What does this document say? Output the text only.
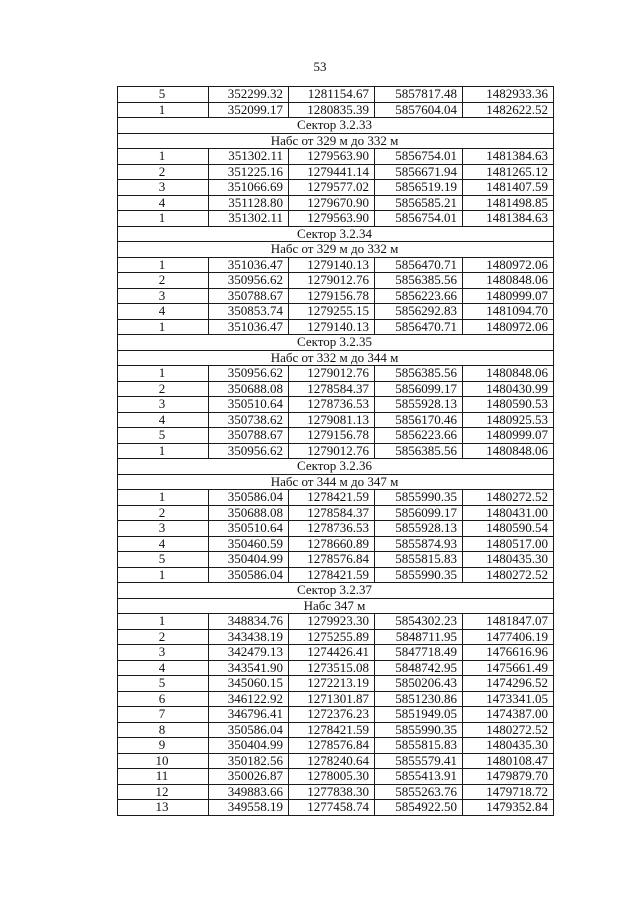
53
5	352299.32	1281154.67	5857817.48	1482933.36
1	352099.17	1280835.39	5857604.04	1482622.52
Сектор 3.2.33				
Набс от 329 м до 332 м				
1	351302.11	1279563.90	5856754.01	1481384.63
2	351225.16	1279441.14	5856671.94	1481265.12
3	351066.69	1279577.02	5856519.19	1481407.59
4	351128.80	1279670.90	5856585.21	1481498.85
1	351302.11	1279563.90	5856754.01	1481384.63
Сектор 3.2.34				
Набс от 329 м до 332 м				
1	351036.47	1279140.13	5856470.71	1480972.06
2	350956.62	1279012.76	5856385.56	1480848.06
3	350788.67	1279156.78	5856223.66	1480999.07
4	350853.74	1279255.15	5856292.83	1481094.70
1	351036.47	1279140.13	5856470.71	1480972.06
Сектор 3.2.35				
Набс от 332 м до 344 м				
1	350956.62	1279012.76	5856385.56	1480848.06
2	350688.08	1278584.37	5856099.17	1480430.99
3	350510.64	1278736.53	5855928.13	1480590.53
4	350738.62	1279081.13	5856170.46	1480925.53
5	350788.67	1279156.78	5856223.66	1480999.07
1	350956.62	1279012.76	5856385.56	1480848.06
Сектор 3.2.36				
Набс от 344 м до 347 м				
1	350586.04	1278421.59	5855990.35	1480272.52
2	350688.08	1278584.37	5856099.17	1480431.00
3	350510.64	1278736.53	5855928.13	1480590.54
4	350460.59	1278660.89	5855874.93	1480517.00
5	350404.99	1278576.84	5855815.83	1480435.30
1	350586.04	1278421.59	5855990.35	1480272.52
Сектор 3.2.37				
Набс 347 м				
1	348834.76	1279923.30	5854302.23	1481847.07
2	343438.19	1275255.89	5848711.95	1477406.19
3	342479.13	1274426.41	5847718.49	1476616.96
4	343541.90	1273515.08	5848742.95	1475661.49
5	345060.15	1272213.19	5850206.43	1474296.52
6	346122.92	1271301.87	5851230.86	1473341.05
7	346796.41	1272376.23	5851949.05	1474387.00
8	350586.04	1278421.59	5855990.35	1480272.52
9	350404.99	1278576.84	5855815.83	1480435.30
10	350182.56	1278240.64	5855579.41	1480108.47
11	350026.87	1278005.30	5855413.91	1479879.70
12	349883.66	1277838.30	5855263.76	1479718.72
13	349558.19	1277458.74	5854922.50	1479352.84
